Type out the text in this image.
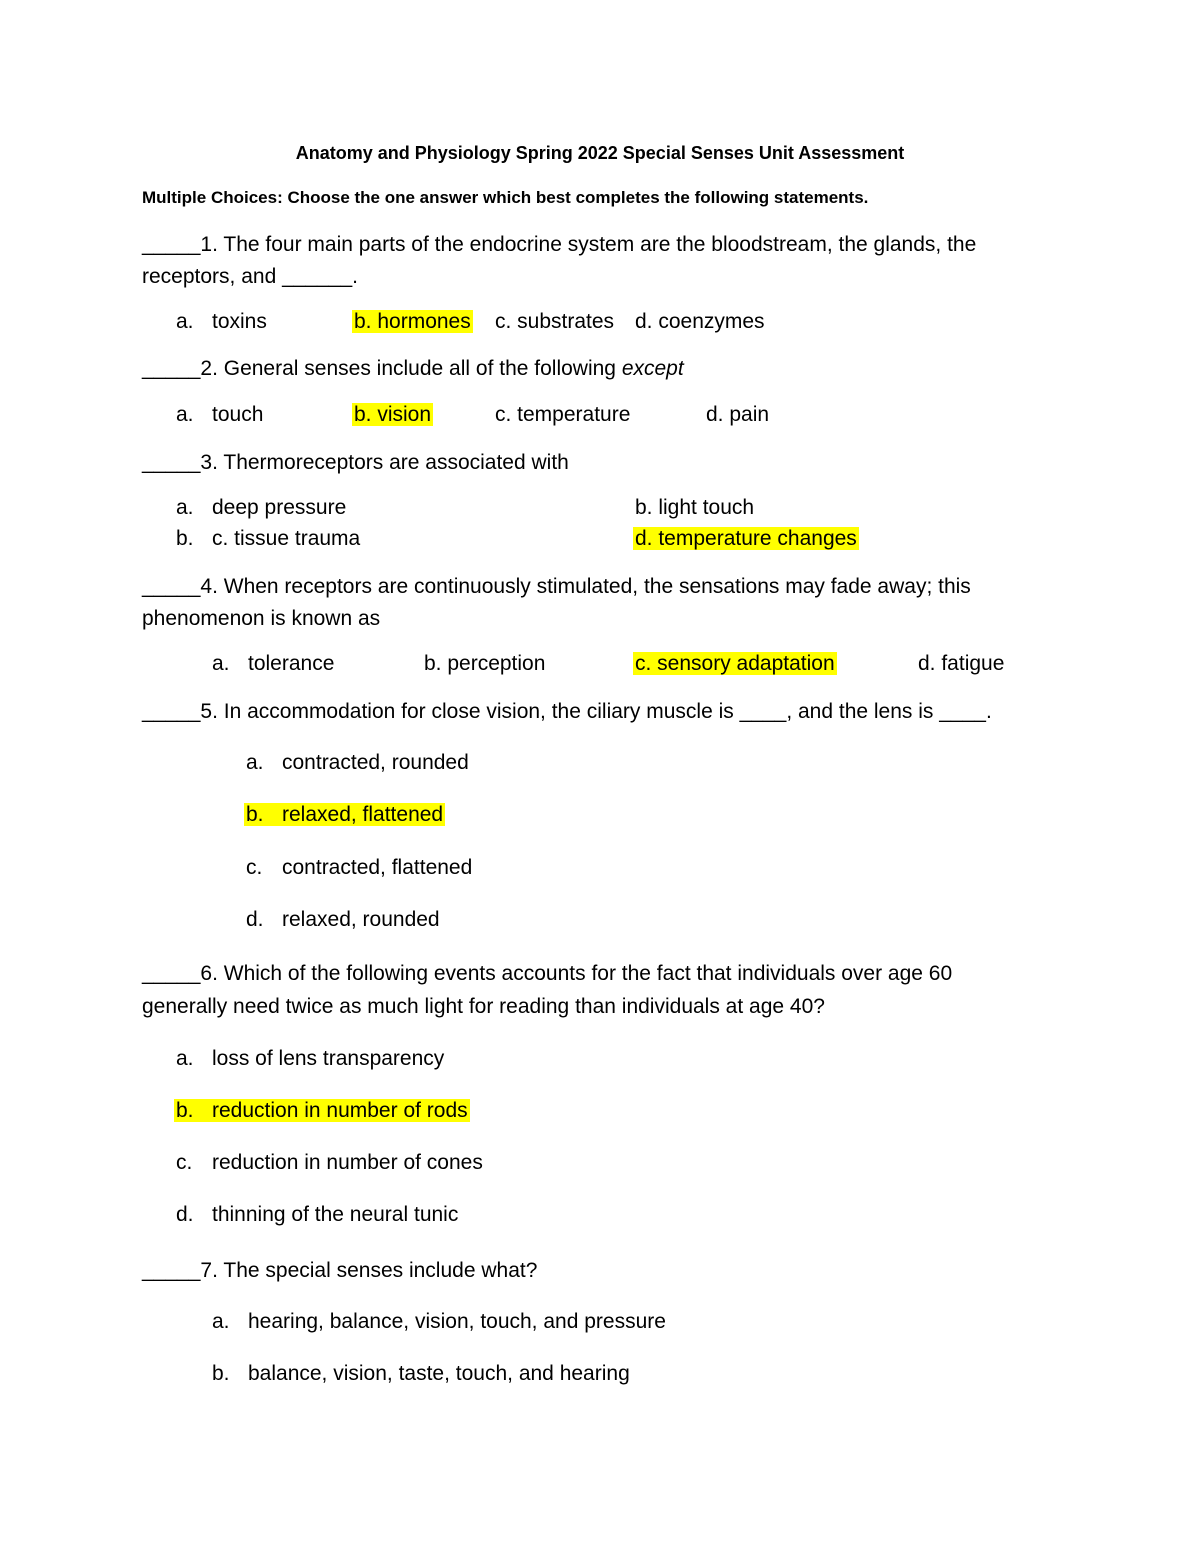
Anatomy and Physiology Spring 2022 Special Senses Unit Assessment
Multiple Choices: Choose the one answer which best completes the following statements.
_____1. The four main parts of the endocrine system are the bloodstream, the glands, the
receptors, and ______.
a. toxins	b. hormones c. substrates d. coenzymes
_____2. General senses include all of the following except
a. touch	b. vision	c. temperature	d. pain
_____3. Thermoreceptors are associated with
a. deep pressure	b. light touch
b. c. tissue trauma	d. temperature changes
_____4. When receptors are continuously stimulated, the sensations may fade away; this
phenomenon is known as
a. tolerance	b. perception	c. sensory adaptation	d. fatigue
_____5. In accommodation for close vision, the ciliary muscle is ____, and the lens is ____.
a. contracted, rounded
b. relaxed, flattened
c. contracted, flattened
d. relaxed, rounded
_____6. Which of the following events accounts for the fact that individuals over age 60
generally need twice as much light for reading than individuals at age 40?
a. loss of lens transparency
b. reduction in number of rods
c. reduction in number of cones
d. thinning of the neural tunic
_____7. The special senses include what?
a. hearing, balance, vision, touch, and pressure
b. balance, vision, taste, touch, and hearing
